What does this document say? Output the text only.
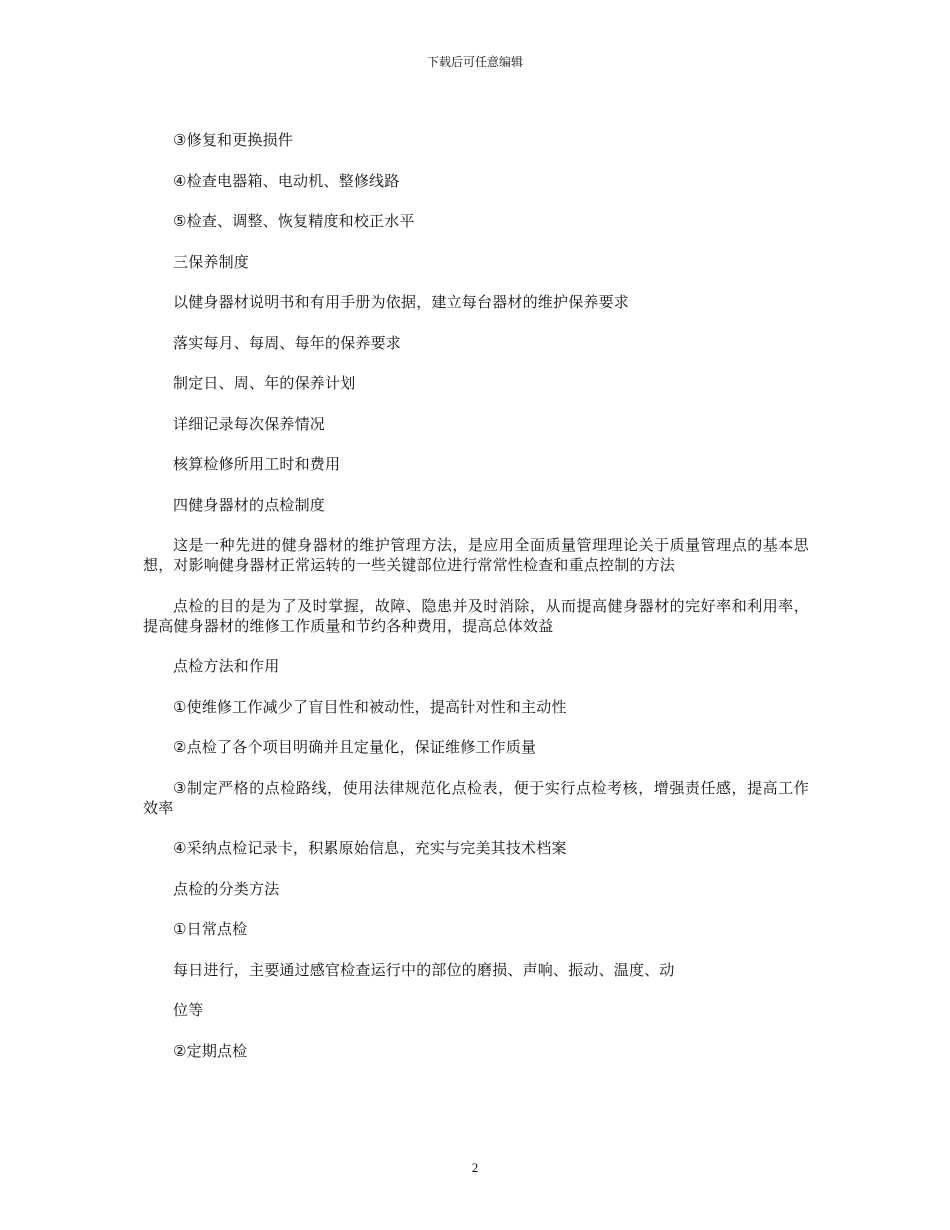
下载后可任意编辑

③修复和更换损件

④检查电器箱、电动机、整修线路

⑤检查、调整、恢复精度和校正水平

三保养制度

以健身器材说明书和有用手册为依据，建立每台器材的维护保养要求

落实每月、每周、每年的保养要求

制定日、周、年的保养计划

详细记录每次保养情况

核算检修所用工时和费用

四健身器材的点检制度

这是一种先进的健身器材的维护管理方法，是应用全面质量管理理论关于质量管理点的基本思想，对影响健身器材正常运转的一些关键部位进行常常性检查和重点控制的方法

点检的目的是为了及时掌握，故障、隐患并及时消除，从而提高健身器材的完好率和利用率，提高健身器材的维修工作质量和节约各种费用，提高总体效益

点检方法和作用

①使维修工作减少了盲目性和被动性，提高针对性和主动性

②点检了各个项目明确并且定量化，保证维修工作质量

③制定严格的点检路线，使用法律规范化点检表，便于实行点检考核，增强责任感，提高工作效率

④采纳点检记录卡，积累原始信息，充实与完美其技术档案

点检的分类方法

①日常点检

每日进行，主要通过感官检查运行中的部位的磨损、声响、振动、温度、动

位等

②定期点检

2
